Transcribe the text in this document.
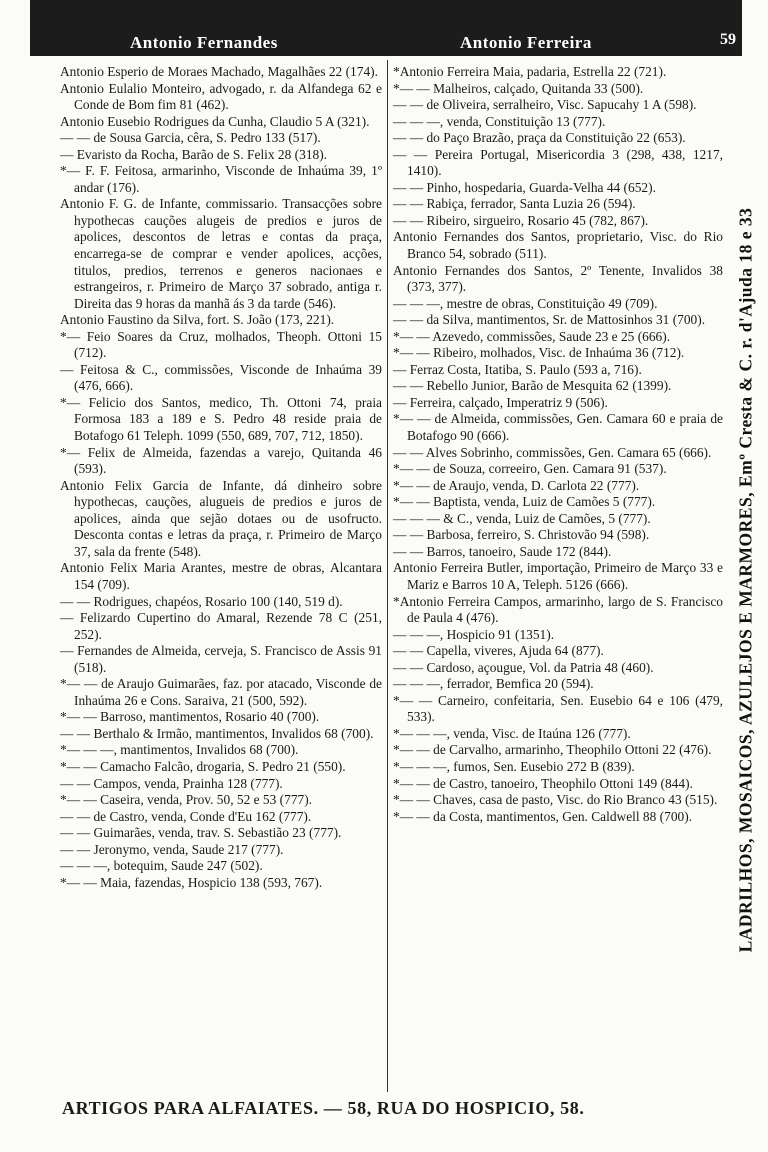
Antonio Fernandes	Antonio Ferreira	59
Antonio Esperio de Moraes Machado, Magalhães 22 (174).
Antonio Eulalio Monteiro, advogado, r. da Alfandega 62 e Conde de Bom fim 81 (462).
Antonio Eusebio Rodrigues da Cunha, Claudio 5 A (321).
— — de Sousa Garcia, cêra, S. Pedro 133 (517).
— Evaristo da Rocha, Barão de S. Felix 28 (318).
*— F. F. Feitosa, armarinho, Visconde de Inhaúma 39, 1º andar (176).
Antonio F. G. de Infante, commissario. Transacções sobre hypothecas cauções alugeis de predios e juros de apolices, descontos de letras e contas da praça, encarrega-se de comprar e vender apolices, acções, titulos, predios, terrenos e generos nacionaes e estrangeiros, r. Primeiro de Março 37 sobrado, antiga r. Direita das 9 horas da manhã ás 3 da tarde (546).
Antonio Faustino da Silva, fort. S. João (173, 221).
*— Feio Soares da Cruz, molhados, Theoph. Ottoni 15 (712).
— Feitosa & C., commissões, Visconde de Inhaúma 39 (476, 666).
*— Felicio dos Santos, medico, Th. Ottoni 74, praia Formosa 183 a 189 e S. Pedro 48 reside praia de Botafogo 61 Teleph. 1099 (550, 689, 707, 712, 1850).
*— Felix de Almeida, fazendas a varejo, Quitanda 46 (593).
Antonio Felix Garcia de Infante, dá dinheiro sobre hypothecas, cauções, alugueis de predios e juros de apolices, ainda que sejão dotaes ou de usofructo. Desconta contas e letras da praça, r. Primeiro de Março 37, sala da frente (548).
Antonio Felix Maria Arantes, mestre de obras, Alcantara 154 (709).
— — Rodrigues, chapéos, Rosario 100 (140, 519 d).
— Felizardo Cupertino do Amaral, Rezende 78 C (251, 252).
— Fernandes de Almeida, cerveja, S. Francisco de Assis 91 (518).
*— — de Araujo Guimarães, faz. por atacado, Visconde de Inhaúma 26 e Cons. Saraiva, 21 (500, 592).
*— — Barroso, mantimentos, Rosario 40 (700).
— — Berthalo & Irmão, mantimentos, Invalidos 68 (700).
*— — —, mantimentos, Invalidos 68 (700).
*— — Camacho Falcão, drogaria, S. Pedro 21 (550).
— — Campos, venda, Prainha 128 (777).
*— — Caseira, venda, Prov. 50, 52 e 53 (777).
— — de Castro, venda, Conde d'Eu 162 (777).
— — Guimarães, venda, trav. S. Sebastião 23 (777).
— — Jeronymo, venda, Saude 217 (777).
— — —, botequim, Saude 247 (502).
*— — Maia, fazendas, Hospicio 138 (593, 767).
*Antonio Ferreira Maia, padaria, Estrella 22 (721).
*— — Malheiros, calçado, Quitanda 33 (500).
— — de Oliveira, serralheiro, Visc. Sapucahy 1 A (598).
— — —, venda, Constituição 13 (777).
— — do Paço Brazão, praça da Constituição 22 (653).
— — Pereira Portugal, Misericordia 3 (298, 438, 1217, 1410).
— — Pinho, hospedaria, Guarda-Velha 44 (652).
— — Rabiça, ferrador, Santa Luzia 26 (594).
— — Ribeiro, sirgueiro, Rosario 45 (782, 867).
Antonio Fernandes dos Santos, proprietario, Visc. do Rio Branco 54, sobrado (511).
Antonio Fernandes dos Santos, 2º Tenente, Invalidos 38 (373, 377).
— — —, mestre de obras, Constituição 49 (709).
— — da Silva, mantimentos, Sr. de Mattosinhos 31 (700).
*— — Azevedo, commissões, Saude 23 e 25 (666).
*— — Ribeiro, molhados, Visc. de Inhaúma 36 (712).
— Ferraz Costa, Itatiba, S. Paulo (593 a, 716).
— — Rebello Junior, Barão de Mesquita 62 (1399).
— Ferreira, calçado, Imperatriz 9 (506).
*— — de Almeida, commissões, Gen. Camara 60 e praia de Botafogo 90 (666).
— — Alves Sobrinho, commissões, Gen. Camara 65 (666).
*— — de Souza, correeiro, Gen. Camara 91 (537).
*— — de Araujo, venda, D. Carlota 22 (777).
*— — Baptista, venda, Luiz de Camões 5 (777).
— — — & C., venda, Luiz de Camões, 5 (777).
— — Barbosa, ferreiro, S. Christovão 94 (598).
— — Barros, tanoeiro, Saude 172 (844).
Antonio Ferreira Butler, importação, Primeiro de Março 33 e Mariz e Barros 10 A, Teleph. 5126 (666).
*Antonio Ferreira Campos, armarinho, largo de S. Francisco de Paula 4 (476).
— — —, Hospicio 91 (1351).
— — Capella, viveres, Ajuda 64 (877).
— — Cardoso, açougue, Vol. da Patria 48 (460).
— — —, ferrador, Bemfica 20 (594).
*— — Carneiro, confeitaria, Sen. Eusebio 64 e 106 (479, 533).
*— — —, venda, Visc. de Itaúna 126 (777).
*— — de Carvalho, armarinho, Theophilo Ottoni 22 (476).
*— — —, fumos, Sen. Eusebio 272 B (839).
*— — de Castro, tanoeiro, Theophilo Ottoni 149 (844).
*— — Chaves, casa de pasto, Visc. do Rio Branco 43 (515).
*— — da Costa, mantimentos, Gen. Caldwell 88 (700).	LADRILHOS, MOSAICOS, AZULEJOS E MARMORES, Emº Cresta & C. r. d'Ajuda 18 e 33
ARTIGOS PARA ALFAIATES. — 58, RUA DO HOSPICIO, 58.
